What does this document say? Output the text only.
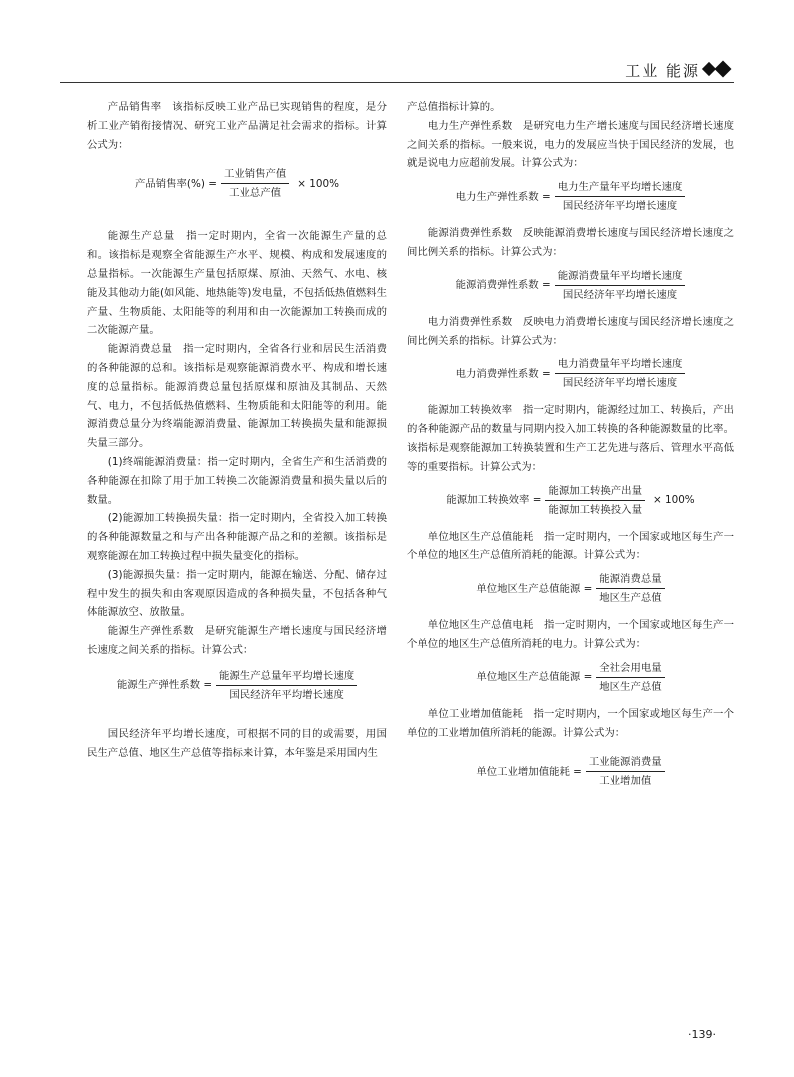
工业 能源

产品销售率　该指标反映工业产品已实现销售的程度，是分析工业产销衔接情况、研究工业产品满足社会需求的指标。计算公式为：

产品销售率(%) = $\frac{\text{工业销售产值}}{\text{工业总产值}} \times 100\%$

能源生产总量　指一定时期内，全省一次能源生产量的总和。该指标是观察全省能源生产水平、规模、构成和发展速度的总量指标。一次能源生产量包括原煤、原油、天然气、水电、核能及其他动力能(如风能、地热能等)发电量，不包括低热值燃料生产量、生物质能、太阳能等的利用和由一次能源加工转换而成的二次能源产量。

能源消费总量　指一定时期内，全省各行业和居民生活消费的各种能源的总和。该指标是观察能源消费水平、构成和增长速度的总量指标。能源消费总量包括原煤和原油及其制品、天然气、电力，不包括低热值燃料、生物质能和太阳能等的利用。能源消费总量分为终端能源消费量、能源加工转换损失量和能源损失量三部分。

(1)终端能源消费量：指一定时期内，全省生产和生活消费的各种能源在扣除了用于加工转换二次能源消费量和损失量以后的数量。

(2)能源加工转换损失量：指一定时期内，全省投入加工转换的各种能源数量之和与产出各种能源产品之和的差额。该指标是观察能源在加工转换过程中损失量变化的指标。

(3)能源损失量：指一定时期内，能源在输送、分配、储存过程中发生的损失和由客观原因造成的各种损失量，不包括各种气体能源放空、放散量。

能源生产弹性系数　是研究能源生产增长速度与国民经济增长速度之间关系的指标。计算公式：

能源生产弹性系数 = $\frac{\text{能源生产总量年平均增长速度}}{\text{国民经济年平均增长速度}}$

国民经济年平均增长速度，可根据不同的目的或需要，用国民生产总值、地区生产总值等指标来计算，本年鉴是采用国内生

产总值指标计算的。

电力生产弹性系数　是研究电力生产增长速度与国民经济增长速度之间关系的指标。一般来说，电力的发展应当快于国民经济的发展，也就是说电力应超前发展。计算公式为：

电力生产弹性系数 = $\frac{\text{电力生产量年平均增长速度}}{\text{国民经济年平均增长速度}}$

能源消费弹性系数　反映能源消费增长速度与国民经济增长速度之间比例关系的指标。计算公式为：

能源消费弹性系数 = $\frac{\text{能源消费量年平均增长速度}}{\text{国民经济年平均增长速度}}$

电力消费弹性系数　反映电力消费增长速度与国民经济增长速度之间比例关系的指标。计算公式为：

电力消费弹性系数 = $\frac{\text{电力消费量年平均增长速度}}{\text{国民经济年平均增长速度}}$

能源加工转换效率　指一定时期内，能源经过加工、转换后，产出的各种能源产品的数量与同期内投入加工转换的各种能源数量的比率。该指标是观察能源加工转换装置和生产工艺先进与落后、管理水平高低等的重要指标。计算公式为：

能源加工转换效率 = $\frac{\text{能源加工转换产出量}}{\text{能源加工转换投入量}} \times 100\%$

单位地区生产总值能耗　指一定时期内，一个国家或地区每生产一个单位的地区生产总值所消耗的能源。计算公式为：

单位地区生产总值能源 = $\frac{\text{能源消费总量}}{\text{地区生产总值}}$

单位地区生产总值电耗　指一定时期内，一个国家或地区每生产一个单位的地区生产总值所消耗的电力。计算公式为：

单位地区生产总值能源 = $\frac{\text{全社会用电量}}{\text{地区生产总值}}$

单位工业增加值能耗　指一定时期内，一个国家或地区每生产一个单位的工业增加值所消耗的能源。计算公式为：

单位工业增加值能耗 = $\frac{\text{工业能源消费量}}{\text{工业增加值}}$
·139·
